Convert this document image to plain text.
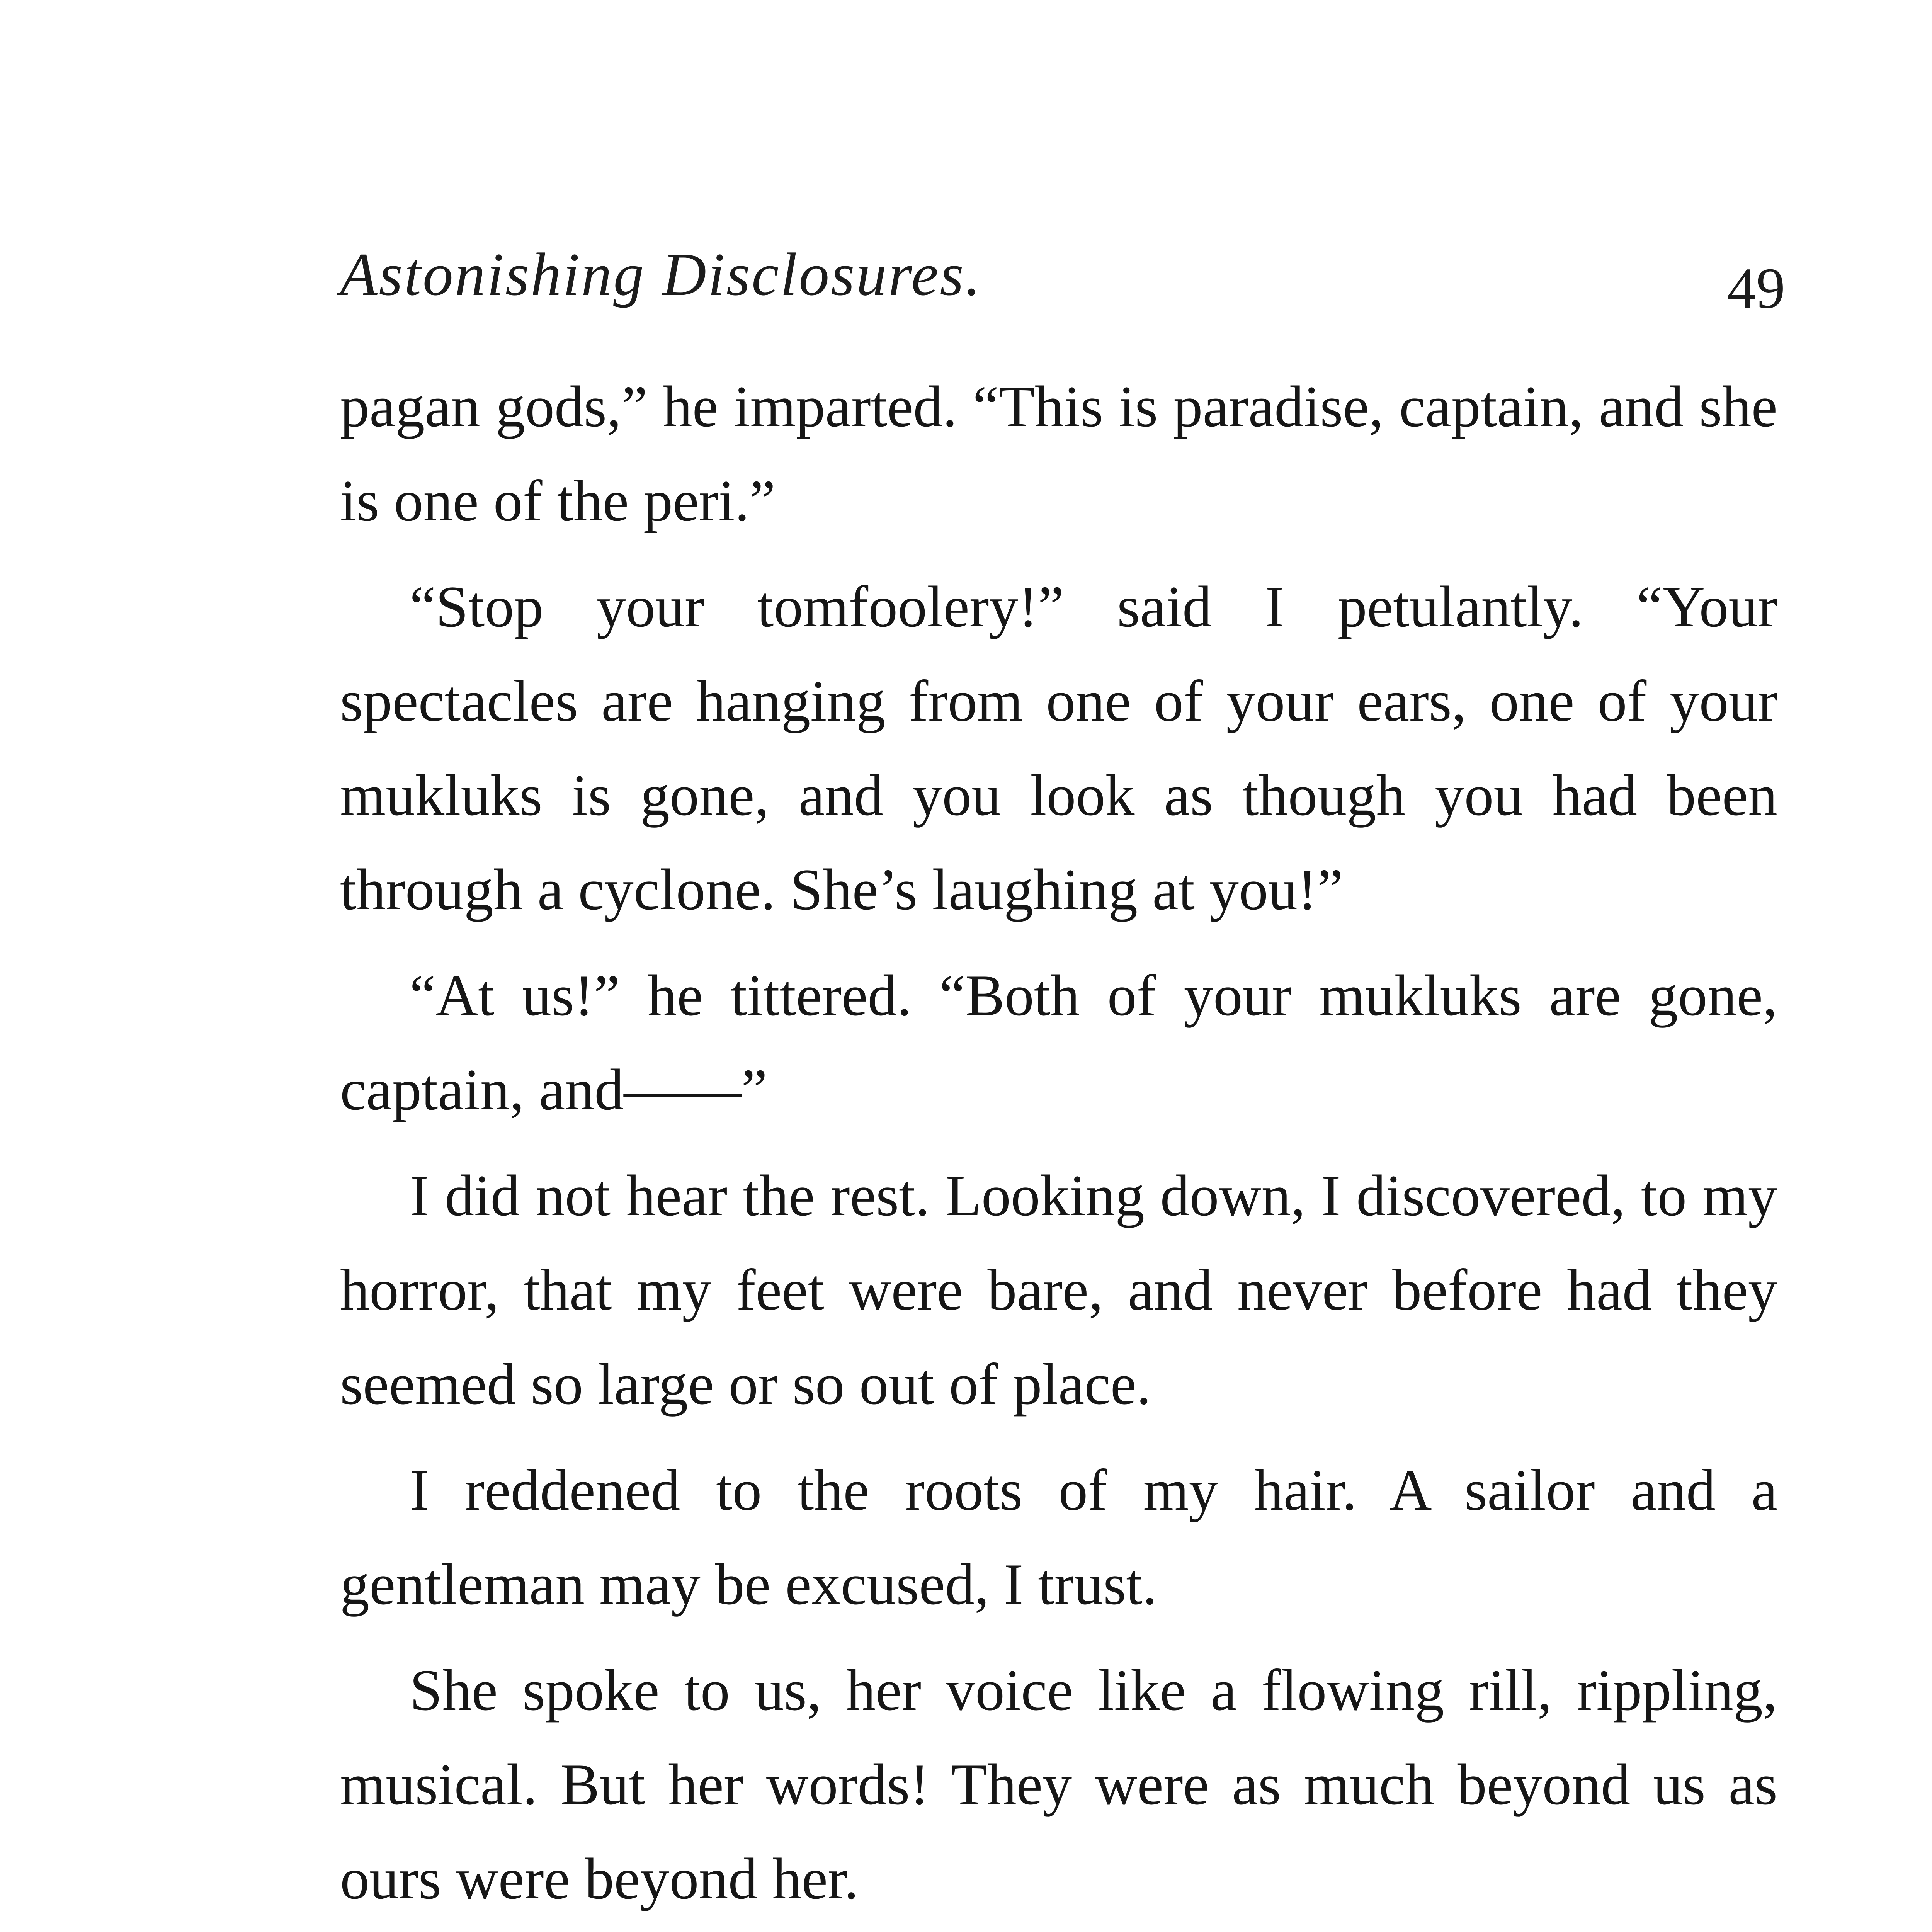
Astonishing Disclosures.	49

pagan gods,” he imparted. “This is paradise, captain, and she is one of the peri.”

“Stop your tomfoolery!” said I petulantly. “Your spectacles are hanging from one of your ears, one of your mukluks is gone, and you look as though you had been through a cyclone. She’s laughing at you!”

“At us!” he tittered. “Both of your mukluks are gone, captain, and——”

I did not hear the rest. Looking down, I discovered, to my horror, that my feet were bare, and never before had they seemed so large or so out of place.

I reddened to the roots of my hair. A sailor and a gentleman may be excused, I trust.

She spoke to us, her voice like a flowing rill, rippling, musical. But her words! They were as much beyond us as ours were beyond her.
